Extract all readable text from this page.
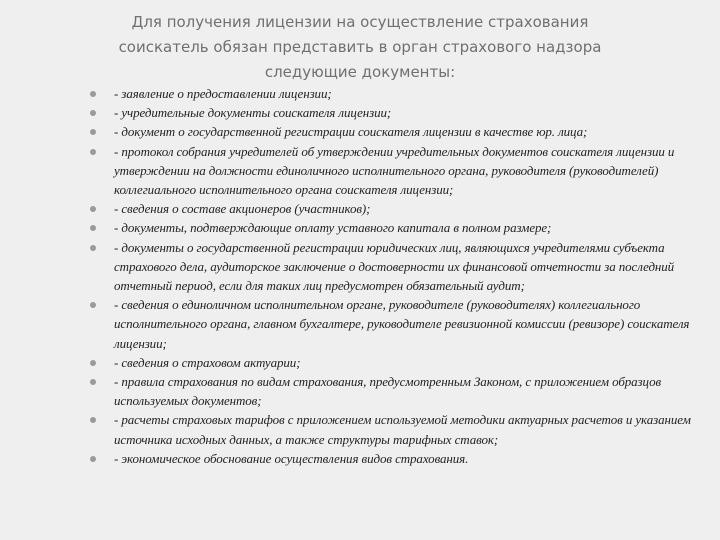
Для получения лицензии на осуществление страхования соискатель обязан представить в орган страхового надзора следующие документы:
- заявление о предоставлении лицензии;
- учредительные документы соискателя лицензии;
- документ о государственной регистрации соискателя лицензии в качестве юр. лица;
- протокол собрания учредителей об утверждении учредительных документов соискателя лицензии и утверждении на должности единоличного исполнительного органа, руководителя (руководителей) коллегиального исполнительного органа соискателя лицензии;
- сведения о составе акционеров (участников);
- документы, подтверждающие оплату уставного капитала в полном размере;
- документы о государственной регистрации юридических лиц, являющихся учредителями субъекта страхового дела, аудиторское заключение о достоверности их финансовой отчетности за последний отчетный период, если для таких лиц предусмотрен обязательный аудит;
- сведения о единоличном исполнительном органе, руководителе (руководителях) коллегиального исполнительного органа, главном бухгалтере, руководителе ревизионной комиссии (ревизоре) соискателя лицензии;
- сведения о страховом актуарии;
- правила страхования по видам страхования, предусмотренным Законом, с приложением образцов используемых документов;
- расчеты страховых тарифов с приложением используемой методики актуарных расчетов и указанием источника исходных данных, а также структуры тарифных ставок;
- экономическое обоснование осуществления видов страхования.
